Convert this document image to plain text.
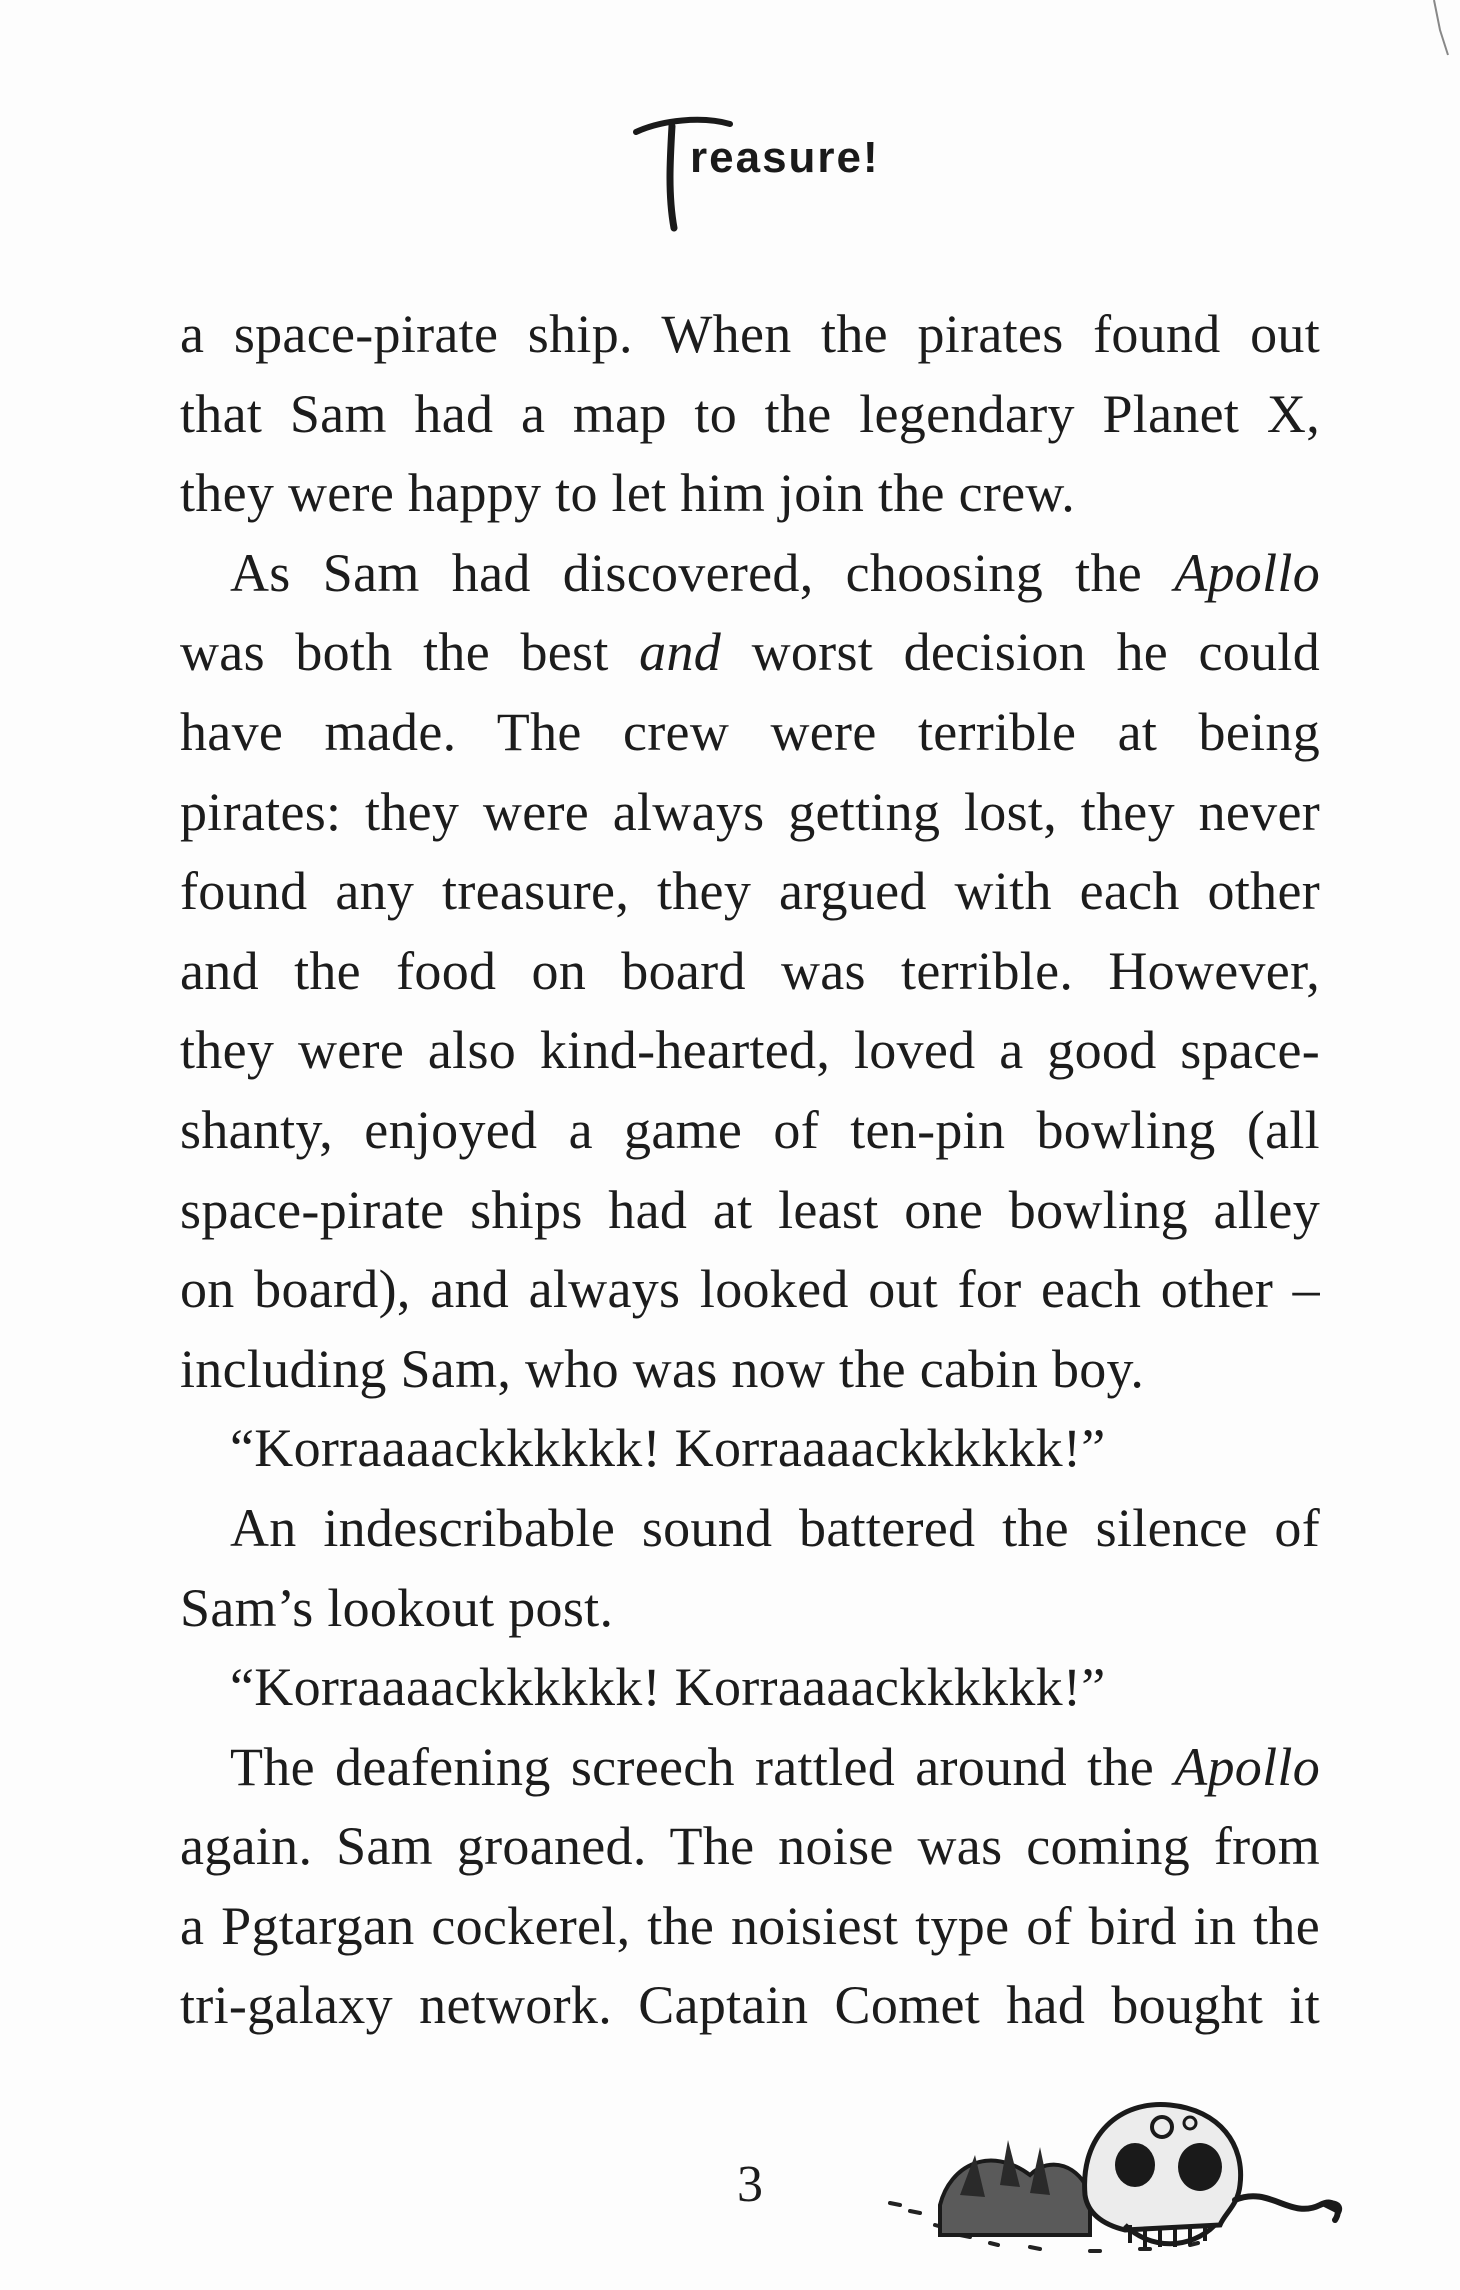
reasure!
a space-pirate ship. When the pirates found out
that Sam had a map to the legendary Planet X,
they were happy to let him join the crew.
As Sam had discovered, choosing the Apollo
was both the best and worst decision he could
have made. The crew were terrible at being
pirates: they were always getting lost, they never
found any treasure, they argued with each other
and the food on board was terrible. However,
they were also kind-hearted, loved a good space-
shanty, enjoyed a game of ten-pin bowling (all
space-pirate ships had at least one bowling alley
on board), and always looked out for each other –
including Sam, who was now the cabin boy.
“Korraaaackkkkkk! Korraaaackkkkkk!”
An indescribable sound battered the silence of
Sam’s lookout post.
“Korraaaackkkkkk! Korraaaackkkkkk!”
The deafening screech rattled around the Apollo
again. Sam groaned. The noise was coming from
a Pgtargan cockerel, the noisiest type of bird in the
tri-galaxy network. Captain Comet had bought it
3
